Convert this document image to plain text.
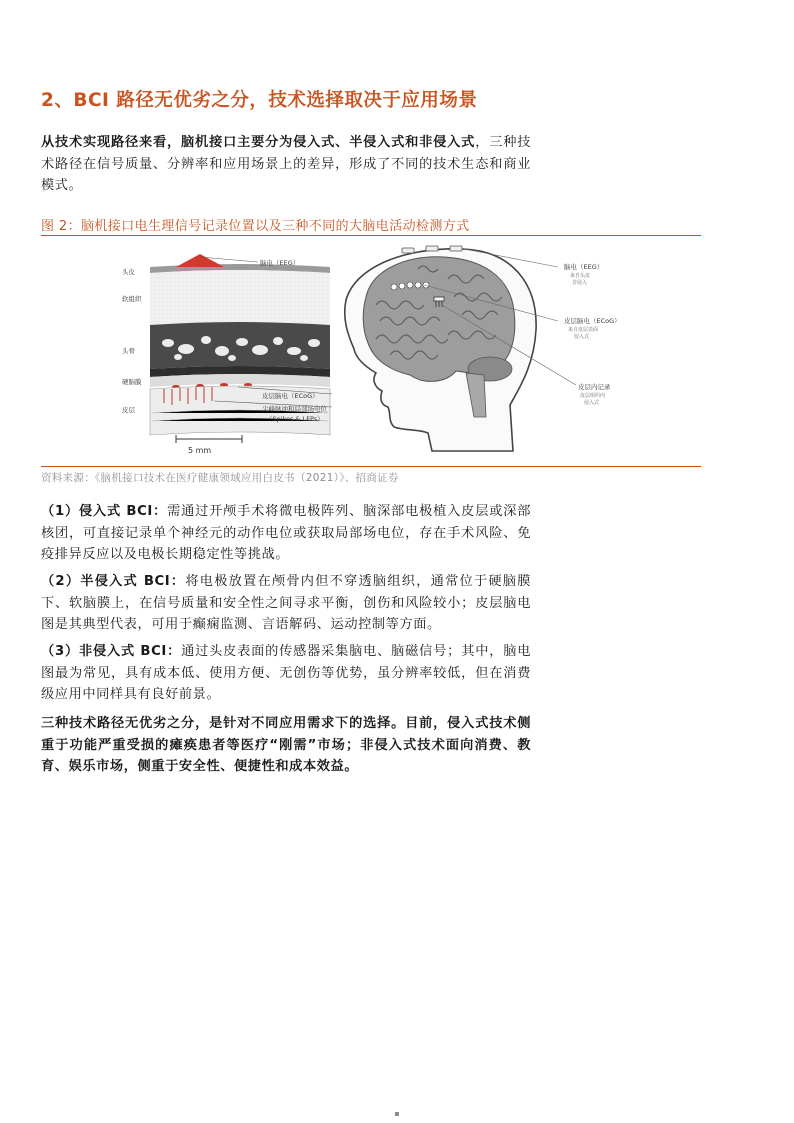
2、BCI 路径无优劣之分，技术选择取决于应用场景
从技术实现路径来看，脑机接口主要分为侵入式、半侵入式和非侵入式，三种技术路径在信号质量、分辨率和应用场景上的差异，形成了不同的技术生态和商业模式。
图 2：脑机接口电生理信号记录位置以及三种不同的大脑电活动检测方式
头皮
软组织
头骨
硬脑膜
皮层
脑电（EEG）
皮层脑电（ECoG）
尖峰脉冲和局部场电位
（Spikes & LFPs）
5 mm
脑电（EEG）
来自头皮
非侵入
皮层脑电（ECoG）
来自皮层表面
侵入式
皮层内记录
皮层组织内
侵入式
资料来源：《脑机接口技术在医疗健康领域应用白皮书（2021）》、招商证券
（1）侵入式 BCI：需通过开颅手术将微电极阵列、脑深部电极植入皮层或深部核团，可直接记录单个神经元的动作电位或获取局部场电位，存在手术风险、免疫排异反应以及电极长期稳定性等挑战。
（2）半侵入式 BCI：将电极放置在颅骨内但不穿透脑组织，通常位于硬脑膜下、软脑膜上，在信号质量和安全性之间寻求平衡，创伤和风险较小；皮层脑电图是其典型代表，可用于癫痫监测、言语解码、运动控制等方面。
（3）非侵入式 BCI：通过头皮表面的传感器采集脑电、脑磁信号；其中，脑电图最为常见，具有成本低、使用方便、无创伤等优势，虽分辨率较低，但在消费级应用中同样具有良好前景。
三种技术路径无优劣之分，是针对不同应用需求下的选择。目前，侵入式技术侧重于功能严重受损的瘫痪患者等医疗“刚需”市场；非侵入式技术面向消费、教育、娱乐市场，侧重于安全性、便捷性和成本效益。
